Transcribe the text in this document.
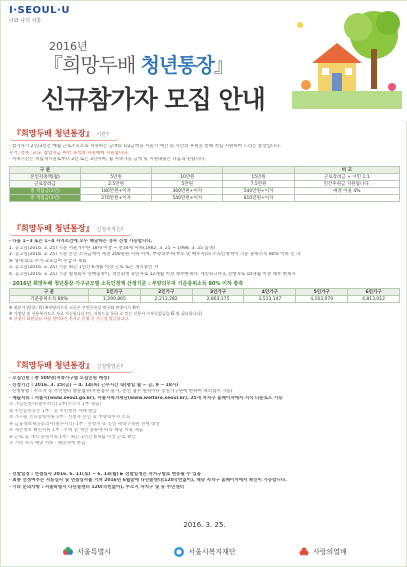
I·SEOUL·U
너와 나의 서울
2016년
『희망두배 청년통장』
신규참가자 모집 안내
『희망두배 청년통장』 이란?
· 참가자가 2년/3년간 매월 근로소득으로 저축하는 금액의 1/2금액을 서울시 예산 및 시민의 후원을 통해 적립 지원하여 드리는 통장입니다.
주거, 결혼, 교육, 창업자금 마련 목적의 저축예에 지원합니다.
· 저축기간은 적립개시일로부터 2년 또는 3년이며, 월 저축가능 금액 및 지원내용은 다음과 같습니다.
구 분				비 고
본인저축액(월)	5만원	10만원	15만원	근로장려금 + 시민 1:1
근로장려금	2.5만원	5만원	7.5만원	민간후원금 지원됩니다.
총 적립금(2년)	180만원+이자	360만원+이자	540만원+이자	예정 이율 4%
총 적립금(3년)	270만원+이자	540만원+이자	810만원+이자	
『희망두배 청년통장』 신청자격은?
· 다음 1~3 또는 1~4 자격조건에 모두 해당하는 경우 신청 가능합니다.
1. 공고일(2016. 3. 25) 기준 서울거주한 18세 이상 ~ 만34세 이하(1982. 3. 25 ~ 1998. 3. 25 출생)
2. 공고일(2016. 3. 25) 기준 본인 소득금액이 세전 200만원 이하 이며, 부양의무자(부모 및 배우자)의 소득인정액이 기준 중위소득 80% 이하 인 자
※ 생계·의료·주거·교육급여 수급자 제외
3. 공고일(2016. 3. 25) 기준 최근 1년간 6개월 이상 근로 또는 재직중인 자
4. 공고일(2016. 3. 25) 기준 법정회사 연매출정이, 개인회생 중인자로 12개월 이상 채무변제자, 개인워크아웃 진행자로 10개월 이상 채무 변제자
· 2016년 희망두배 청년통장 가구규모별 소득인정액 산정기준 : 부양의무자 기준중위소득 80% 이하 충족
구 분	1인가구	2인가구	3인가구	4인가구	5인가구	6인가구
기준중위소득 80%	1,299,865	2,213,282	2,863,175	3,513,147	4,163,079	4,813,012
※ 월본가 (단위: 원) ※부양의무자 소득은 주민등록상 연구와 연령이기 확인
※ 가정당 및 신용복지도로 자료 가능합니다 (인, 서원드를 통하 로 인는 신용사 수부득없공을 IS 월 필요합니다)
※ 신청시 회원결심 사항 참여하신 문서로 운영 중 가능성 발급합니다.
『희망두배 청년통장』 신청방법은?
· 모집인원 : 총 500명(저축가구별 모집인원 배정)
· 신청기간 : 2016. 3. 25(금) ~ 4. 14(목) 근무시간 내(평일 월 ~ 금, 9 ~ 18시)
· 신청방법 : 주소지 동 주민센터 방문접수(우편접수 불가, 본인 접수 원칙이나 동일가구원에 한하여 대리접수 가능)
· 제출서류 : 서울시(www.seoul.go.kr), 서울시복지재단(www.welfare.seoul.kr), 25개 자치구 홈페이지에서 서식 다운로드 가능
① 가입신청서(필수서식) 1부(주소시 1부 제출)
② 주민등록등본 1부 · 동 주민센터 자체 발급
③ 가구원 소득증빙서류 1부 · 신청자 본인 및 부양의무자 소득
④ 금융정보제공동의서(필수서식) 1부 · 신청자 및 동일 세대구성원 전체 대상
⑤ 재산정보 확인서류 1부 · 주택 및 재산 종류에 따라 해당 서류 제출
⑥ 근로 및 재직 증빙서류 1부 · 최근 1년간 6개월 이상 근로 확인
⑦ 기타 자격 해당 서류 · 해당자에 한함
· 선발일정 : 면접심사 2016. 6. 11(토) ~ 6. 13(월) ▶ 선발일정은 자치구별로 변동될 수 있음
· 최종 선정여부는 서류심사 및 면접심사를 거쳐 2016년 6월말에 다산콜센터(120국번없이), 해당 자치구 홈페이지에서 확인이 가능합니다.
· 기타 문의사항 : 서울특별시 다산콜센터 120(국번없이), 주소지 자치구 및 동 주민센터
2016. 3. 25.
서울특별시	서울시복지재단	사랑의열매
